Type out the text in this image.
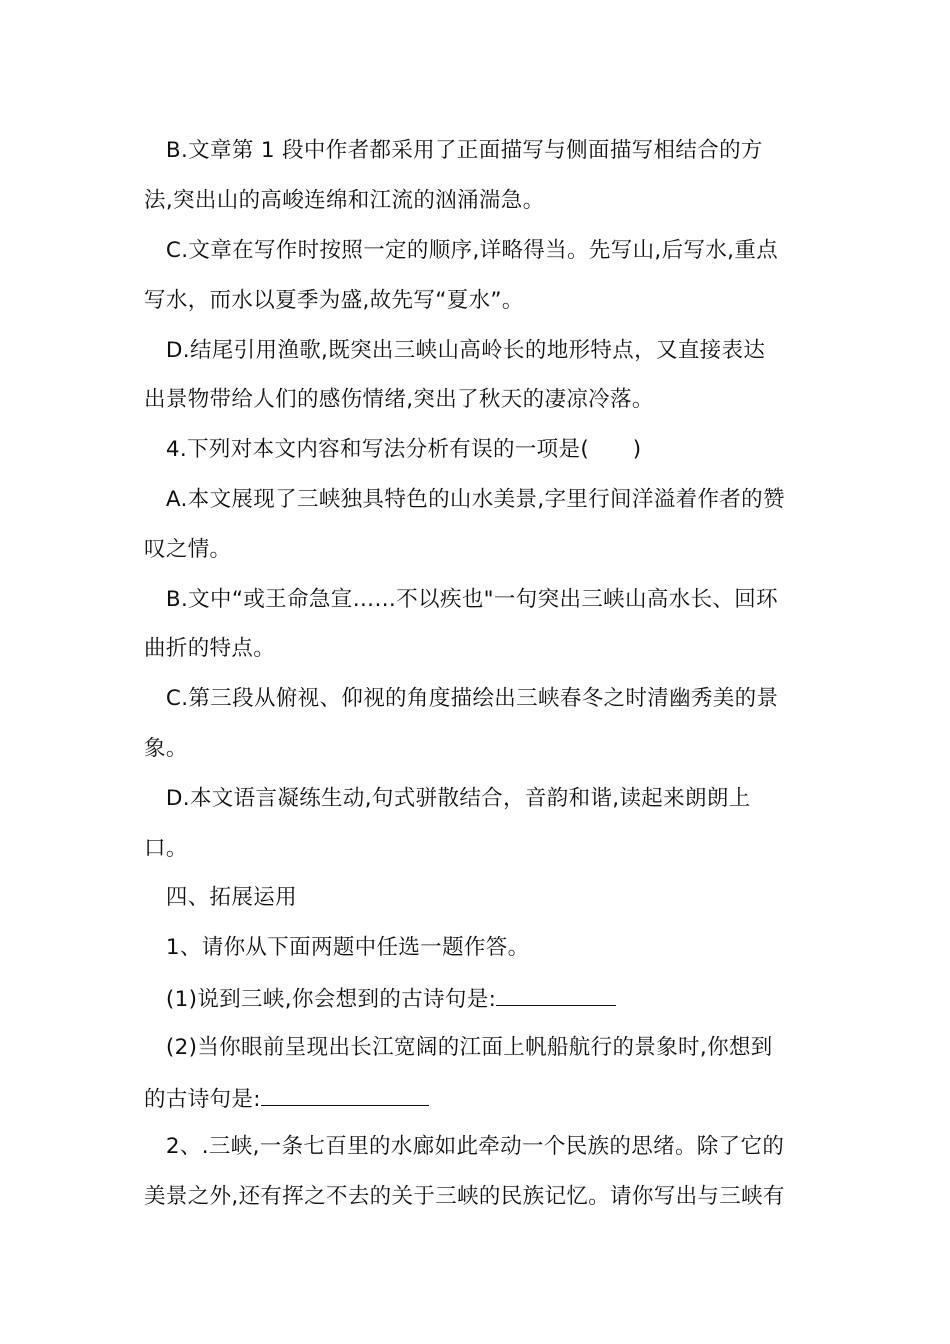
　B.文章第 1 段中作者都采用了正面描写与侧面描写相结合的方
法,突出山的高峻连绵和江流的汹涌湍急。
　C.文章在写作时按照一定的顺序,详略得当。先写山,后写水,重点
写水，而水以夏季为盛,故先写“夏水”。
　D.结尾引用渔歌,既突出三峡山高岭长的地形特点，又直接表达
出景物带给人们的感伤情绪,突出了秋天的凄凉冷落。
　4.下列对本文内容和写法分析有误的一项是(　　)
　A.本文展现了三峡独具特色的山水美景,字里行间洋溢着作者的赞
叹之情。
　B.文中“或王命急宣……不以疾也"一句突出三峡山高水长、回环
曲折的特点。
　C.第三段从俯视、仰视的角度描绘出三峡春冬之时清幽秀美的景
象。
　D.本文语言凝练生动,句式骈散结合，音韵和谐,读起来朗朗上
口。
　四、拓展运用
　1、请你从下面两题中任选一题作答。
　(1)说到三峡,你会想到的古诗句是:
　(2)当你眼前呈现出长江宽阔的江面上帆船航行的景象时,你想到
的古诗句是:
　2、.三峡,一条七百里的水廊如此牵动一个民族的思绪。除了它的
美景之外,还有挥之不去的关于三峡的民族记忆。请你写出与三峡有
